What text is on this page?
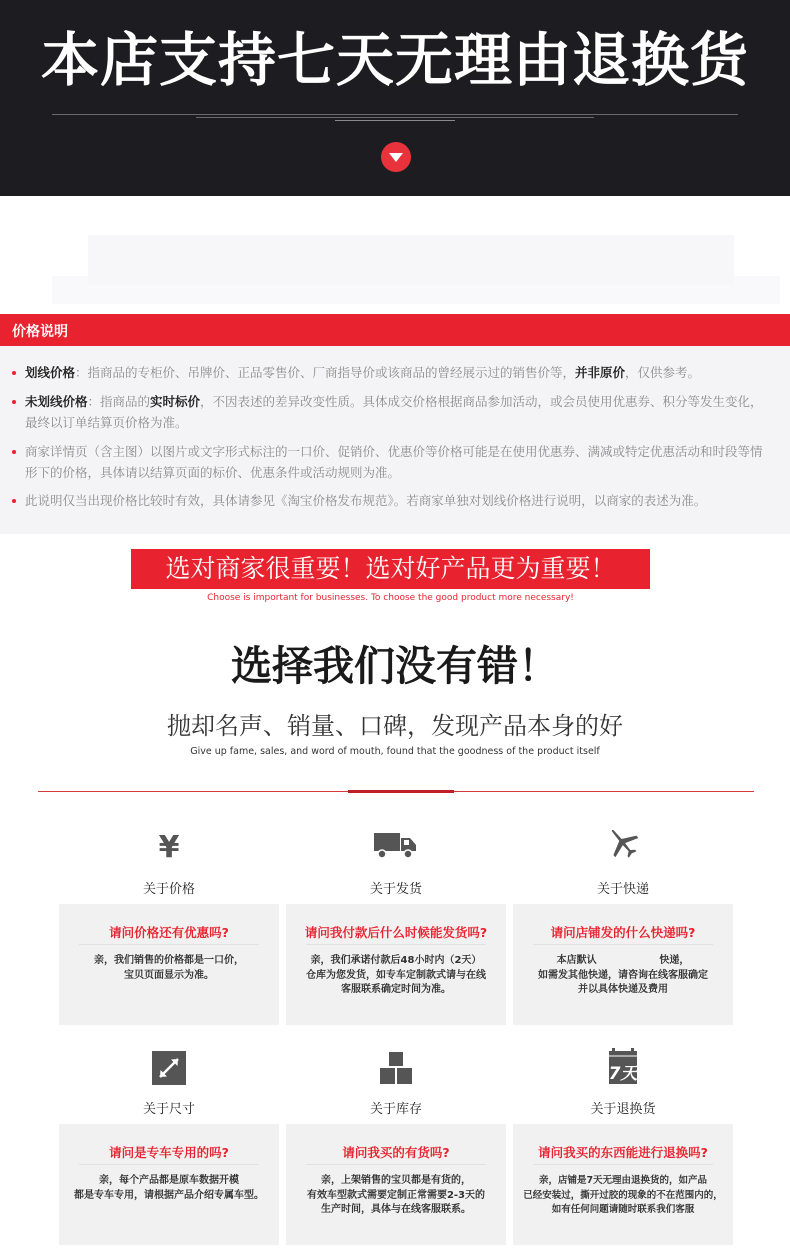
本店支持七天无理由退换货
价格说明
划线价格：指商品的专柜价、吊牌价、正品零售价、厂商指导价或该商品的曾经展示过的销售价等，并非原价，仅供参考。
未划线价格：指商品的实时标价，不因表述的差异改变性质。具体成交价格根据商品参加活动，或会员使用优惠券、积分等发生变化，最终以订单结算页价格为准。
商家详情页（含主图）以图片或文字形式标注的一口价、促销价、优惠价等价格可能是在使用优惠券、满减或特定优惠活动和时段等情形下的价格，具体请以结算页面的标价、优惠条件或活动规则为准。
此说明仅当出现价格比较时有效，具体请参见《淘宝价格发布规范》。若商家单独对划线价格进行说明，以商家的表述为准。
选对商家很重要！选对好产品更为重要！
Choose is important for businesses. To choose the good product more necessary!
选择我们没有错！
抛却名声、销量、口碑，发现产品本身的好
Give up fame, sales, and word of mouth, found that the goodness of the product itself
¥
关于价格
请问价格还有优惠吗?
亲，我们销售的价格都是一口价，
宝贝页面显示为准。
关于发货
请问我付款后什么时候能发货吗?
亲，我们承诺付款后48小时内（2天）
仓库为您发货，如专车定制款式请与在线
客服联系确定时间为准。
关于快递
请问店铺发的什么快递吗?
本店默认                  快递，
如需发其他快递，请咨询在线客服确定
并以具体快递及费用
关于尺寸
请问是专车专用的吗?
亲，每个产品都是原车数据开模
都是专车专用，请根据产品介绍专属车型。
关于库存
请问我买的有货吗?
亲，上架销售的宝贝都是有货的，
有效车型款式需要定制正常需要2-3天的
生产时间，具体与在线客服联系。
7天
关于退换货
请问我买的东西能进行退换吗?
亲，店铺是7天无理由退换货的，如产品
已经安装过，撕开过胶的现象的不在范围内的，
如有任何问题请随时联系我们客服
